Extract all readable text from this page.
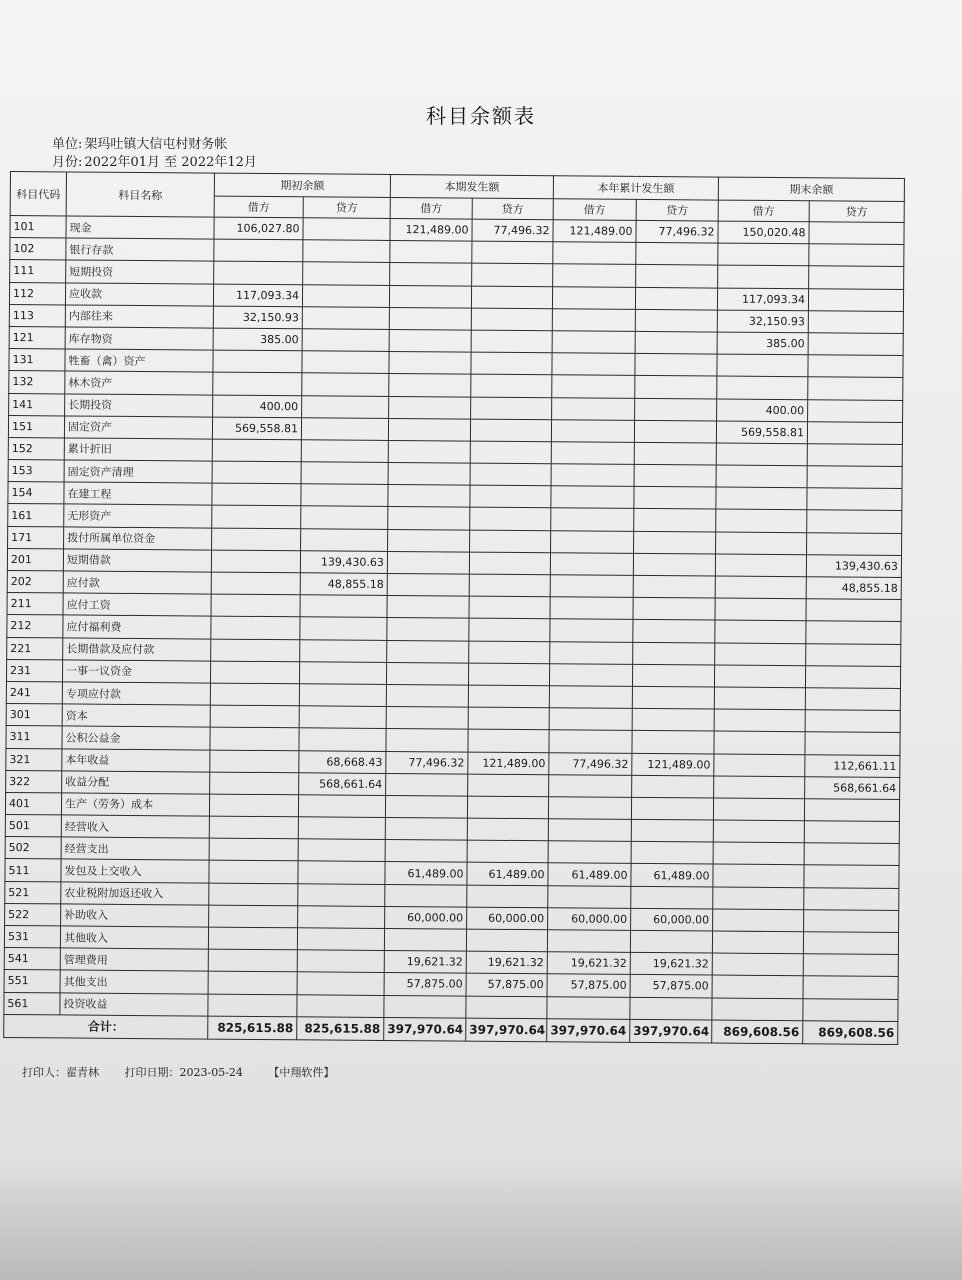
科目余额表
单位: 架玛吐镇大信屯村财务帐
月份: 2022年01月 至 2022年12月
科目代码	科目名称	期初余额		本期发生额		本年累计发生额		期末余额	
		借方	贷方	借方	贷方	借方	贷方	借方	贷方
101	现金	106,027.80		121,489.00	77,496.32	121,489.00	77,496.32	150,020.48	
102	银行存款								
111	短期投资								
112	应收款	117,093.34						117,093.34	
113	内部往来	32,150.93						32,150.93	
121	库存物资	385.00						385.00	
131	牲畜（禽）资产								
132	林木资产								
141	长期投资	400.00						400.00	
151	固定资产	569,558.81						569,558.81	
152	累计折旧								
153	固定资产清理								
154	在建工程								
161	无形资产								
171	拨付所属单位资金								
201	短期借款		139,430.63						139,430.63
202	应付款		48,855.18						48,855.18
211	应付工资								
212	应付福利费								
221	长期借款及应付款								
231	一事一议资金								
241	专项应付款								
301	资本								
311	公积公益金								
321	本年收益		68,668.43	77,496.32	121,489.00	77,496.32	121,489.00		112,661.11
322	收益分配		568,661.64						568,661.64
401	生产（劳务）成本								
501	经营收入								
502	经营支出								
511	发包及上交收入			61,489.00	61,489.00	61,489.00	61,489.00		
521	农业税附加返还收入								
522	补助收入			60,000.00	60,000.00	60,000.00	60,000.00		
531	其他收入								
541	管理费用			19,621.32	19,621.32	19,621.32	19,621.32		
551	其他支出			57,875.00	57,875.00	57,875.00	57,875.00		
561	投资收益								
合计：		825,615.88	825,615.88	397,970.64	397,970.64	397,970.64	397,970.64	869,608.56	869,608.56
打印人：翟青林 打印日期：2023-05-24 【中翔软件】
